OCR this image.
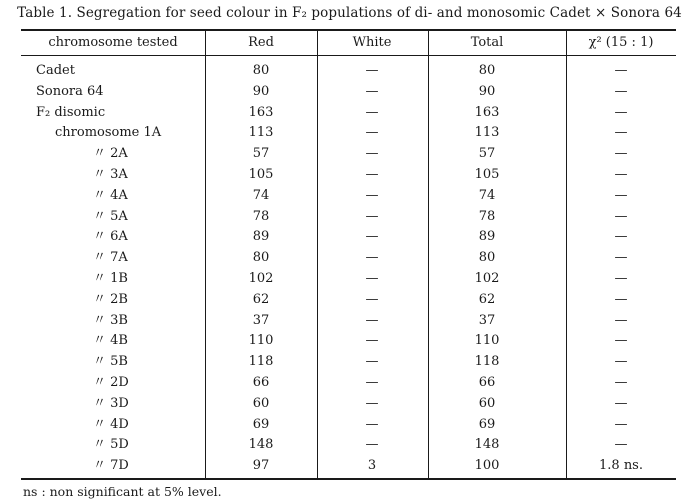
Table 1. Segregation for seed colour in F₂ populations of di- and monosomic Cadet × Sonora 64
chromosome tested	Red	White	Total	χ² (15 : 1)
Cadet	80	—	80	—
Sonora 64	90	—	90	—
F₂ disomic	163	—	163	—
chromosome 1A	113	—	113	—
〃 2A	57	—	57	—
〃 3A	105	—	105	—
〃 4A	74	—	74	—
〃 5A	78	—	78	—
〃 6A	89	—	89	—
〃 7A	80	—	80	—
〃 1B	102	—	102	—
〃 2B	62	—	62	—
〃 3B	37	—	37	—
〃 4B	110	—	110	—
〃 5B	118	—	118	—
〃 2D	66	—	66	—
〃 3D	60	—	60	—
〃 4D	69	—	69	—
〃 5D	148	—	148	—
〃 7D	97	3	100	1.8 ns.
ns : non significant at 5% level.
